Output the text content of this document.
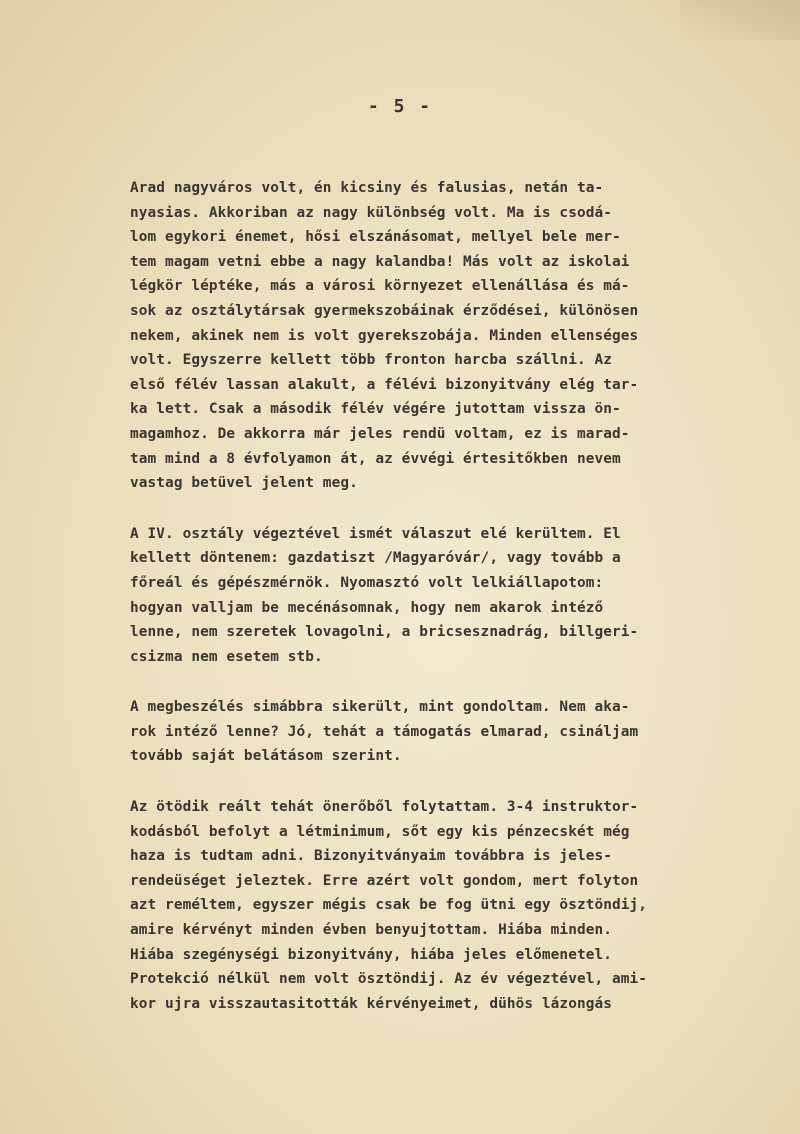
- 5 -
Arad nagyváros volt, én kicsiny és falusias, netán ta-
nyasias. Akkoriban az nagy különbség volt. Ma is csodá-
lom egykori énemet, hősi elszánásomat, mellyel bele mer-
tem magam vetni ebbe a nagy kalandba! Más volt az iskolai
légkör léptéke, más a városi környezet ellenállása és má-
sok az osztálytársak gyermekszobáinak érződései, különösen
nekem, akinek nem is volt gyerekszobája. Minden ellenséges
volt. Egyszerre kellett több fronton harcba szállni. Az
első félév lassan alakult, a félévi bizonyitvány elég tar-
ka lett. Csak a második félév végére jutottam vissza ön-
magamhoz. De akkorra már jeles rendü voltam, ez is marad-
tam mind a 8 évfolyamon át, az évvégi értesitőkben nevem
vastag betüvel jelent meg.
A IV. osztály végeztével ismét válaszut elé kerültem. El
kellett döntenem: gazdatiszt /Magyaróvár/, vagy tovább a
főreál és gépészmérnök. Nyomasztó volt lelkiállapotom:
hogyan valljam be mecénásomnak, hogy nem akarok intéző
lenne, nem szeretek lovagolni, a bricsesznadrág, billgeri-
csizma nem esetem stb.
A megbeszélés simábbra sikerült, mint gondoltam. Nem aka-
rok intéző lenne? Jó, tehát a támogatás elmarad, csináljam
tovább saját belátásom szerint.
Az ötödik reált tehát önerőből folytattam. 3-4 instruktor-
kodásból befolyt a létminimum, sőt egy kis pénzecskét még
haza is tudtam adni. Bizonyitványaim továbbra is jeles-
rendeüséget jeleztek. Erre azért volt gondom, mert folyton
azt reméltem, egyszer mégis csak be fog ütni egy ösztöndij,
amire kérvényt minden évben benyujtottam. Hiába minden.
Hiába szegénységi bizonyitvány, hiába jeles előmenetel.
Protekció nélkül nem volt ösztöndij. Az év végeztével, ami-
kor ujra visszautasitották kérvényeimet, dühös lázongás
